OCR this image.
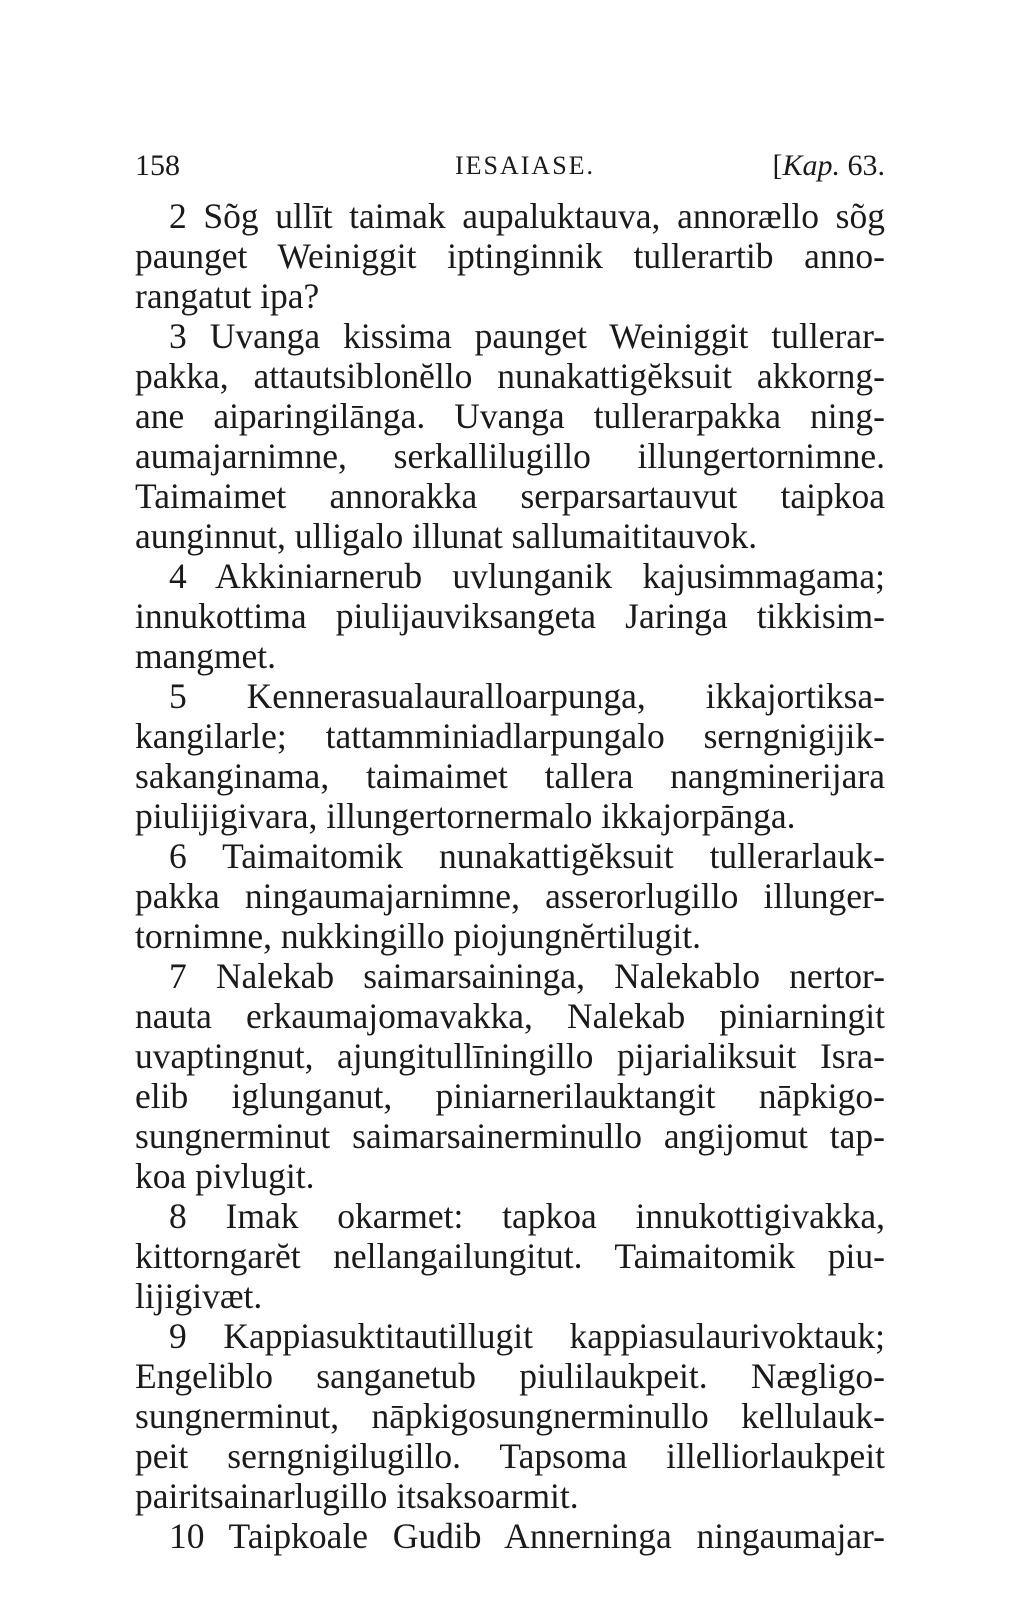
158	IESAIASE.	[Kap. 63.
2 Sõg ullīt taimak aupaluktauva, annorællo sõg
paunget Weiniggit iptinginnik tullerartib anno-
rangatut ipa?
3 Uvanga kissima paunget Weiniggit tullerar-
pakka, attautsiblonĕllo nunakattigĕksuit akkorng-
ane aiparingilānga. Uvanga tullerarpakka ning-
aumajarnimne, serkallilugillo illungertornimne.
Taimaimet annorakka serparsartauvut taipkoa
aunginnut, ulligalo illunat sallumaititauvok.
4 Akkiniarnerub uvlunganik kajusimmagama;
innukottima piulijauviksangeta Jaringa tikkisim-
mangmet.
5 Kennerasualauralloarpunga, ikkajortiksa-
kangilarle; tattamminiadlarpungalo serngnigijik-
sakanginama, taimaimet tallera nangminerijara
piulijigivara, illungertornermalo ikkajorpānga.
6 Taimaitomik nunakattigĕksuit tullerarlauk-
pakka ningaumajarnimne, asserorlugillo illunger-
tornimne, nukkingillo piojungnĕrtilugit.
7 Nalekab saimarsaininga, Nalekablo nertor-
nauta erkaumajomavakka, Nalekab piniarningit
uvaptingnut, ajungitullīningillo pijarialiksuit Isra-
elib iglunganut, piniarnerilauktangit nāpkigo-
sungnerminut saimarsainerminullo angijomut tap-
koa pivlugit.
8 Imak okarmet: tapkoa innukottigivakka,
kittorngarĕt nellangailungitut. Taimaitomik piu-
lijigivæt.
9 Kappiasuktitautillugit kappiasulaurivoktauk;
Engeliblo sanganetub piulilaukpeit. Nægligo-
sungnerminut, nāpkigosungnerminullo kellulauk-
peit serngnigilugillo. Tapsoma illelliorlaukpeit
pairitsainarlugillo itsaksoarmit.
10 Taipkoale Gudib Annerninga ningaumajar-
